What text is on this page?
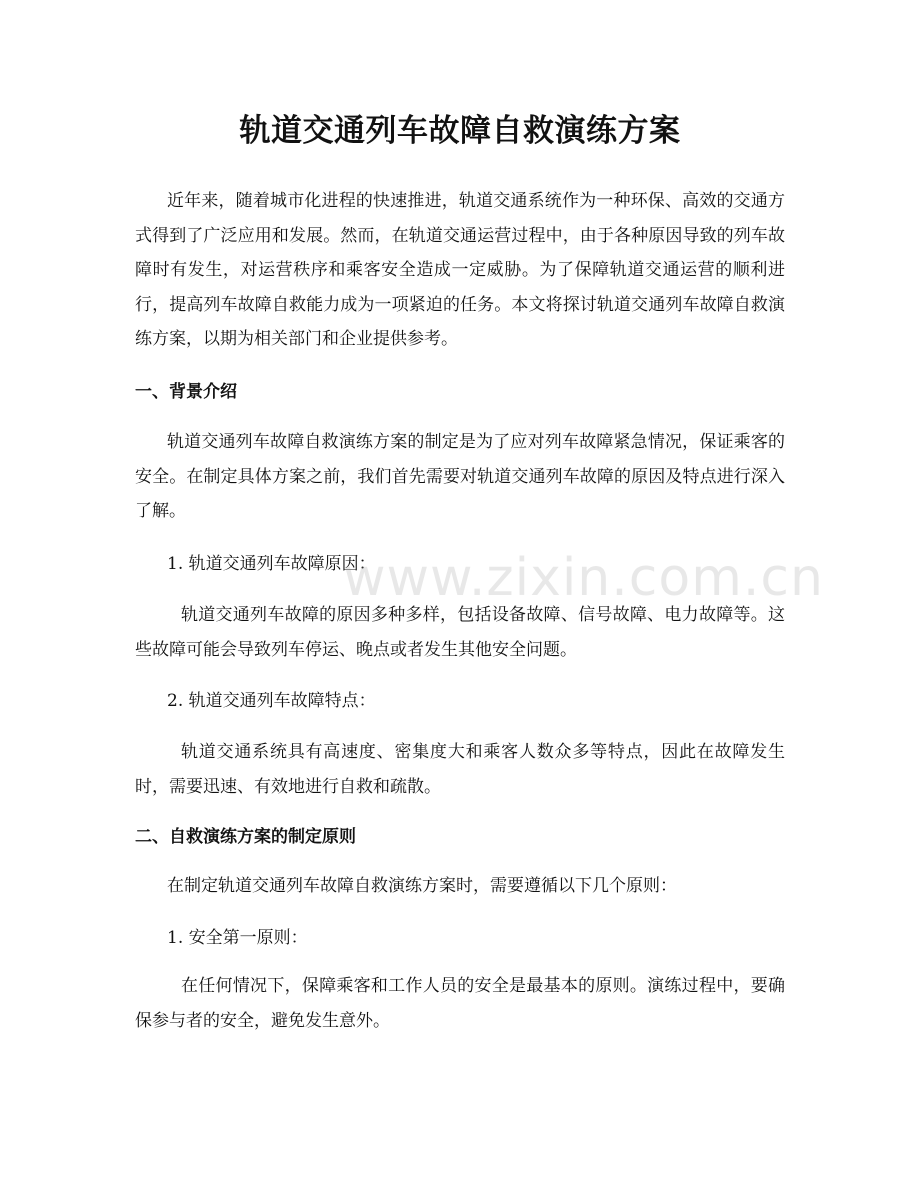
轨道交通列车故障自救演练方案

近年来，随着城市化进程的快速推进，轨道交通系统作为一种环保、高效的交通方式得到了广泛应用和发展。然而，在轨道交通运营过程中，由于各种原因导致的列车故障时有发生，对运营秩序和乘客安全造成一定威胁。为了保障轨道交通运营的顺利进行，提高列车故障自救能力成为一项紧迫的任务。本文将探讨轨道交通列车故障自救演练方案，以期为相关部门和企业提供参考。

一、背景介绍

轨道交通列车故障自救演练方案的制定是为了应对列车故障紧急情况，保证乘客的安全。在制定具体方案之前，我们首先需要对轨道交通列车故障的原因及特点进行深入了解。

1. 轨道交通列车故障原因：

轨道交通列车故障的原因多种多样，包括设备故障、信号故障、电力故障等。这些故障可能会导致列车停运、晚点或者发生其他安全问题。

2. 轨道交通列车故障特点：

轨道交通系统具有高速度、密集度大和乘客人数众多等特点，因此在故障发生时，需要迅速、有效地进行自救和疏散。

二、自救演练方案的制定原则

在制定轨道交通列车故障自救演练方案时，需要遵循以下几个原则：

1. 安全第一原则：

在任何情况下，保障乘客和工作人员的安全是最基本的原则。演练过程中，要确保参与者的安全，避免发生意外。

www.zixin.com.cn
